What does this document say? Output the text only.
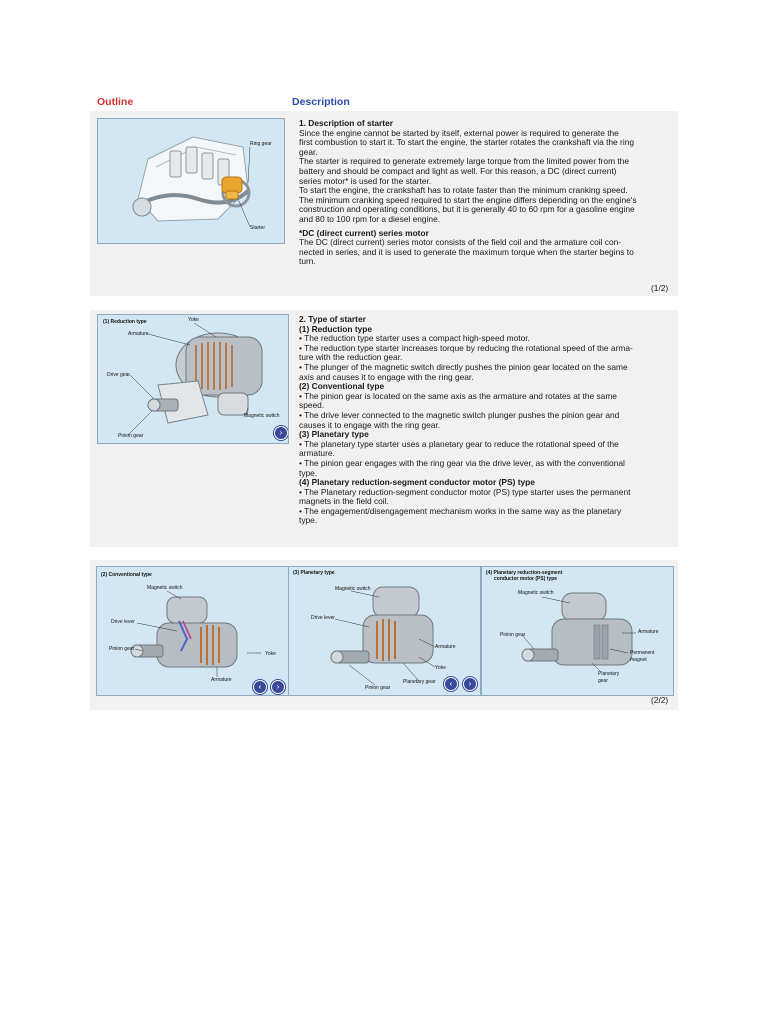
Outline	Description
Ring gear
Starter

1. Description of starter

Since the engine cannot be started by itself, external power is required to generate the

first combustion to start it. To start the engine, the starter rotates the crankshaft via the ring

gear.

The starter is required to generate extremely large torque from the limited power from the

battery and should be compact and light as well. For this reason, a DC (direct current)

series motor* is used for the starter.

To start the engine, the crankshaft has to rotate faster than the minimum cranking speed.

The minimum cranking speed required to start the engine differs depending on the engine's

construction and operating conditions, but it is generally 40 to 60 rpm for a gasoline engine

and 80 to 100 rpm for a diesel engine.

*DC (direct current) series motor

The DC (direct current) series motor consists of the field coil and the armature coil con-

nected in series, and it is used to generate the maximum torque when the starter begins to

turn.

(1/2)
(1) Reduction type	Yoke
Armature
Drive gear
Magnetic switch
Pinion gear	›

2. Type of starter

(1) Reduction type

• The reduction type starter uses a compact high-speed motor.

• The reduction type starter increases torque by reducing the rotational speed of the arma-

ture with the reduction gear.

• The plunger of the magnetic switch directly pushes the pinion gear located on the same

axis and causes it to engage with the ring gear.

(2) Conventional type

• The pinion gear is located on the same axis as the armature and rotates at the same

speed.

• The drive lever connected to the magnetic switch plunger pushes the pinion gear and

causes it to engage with the ring gear.

(3) Planetary type

• The planetary type starter uses a planetary gear to reduce the rotational speed of the

armature.

• The pinion gear engages with the ring gear via the drive lever, as with the conventional

type.

(4) Planetary reduction-segment conductor motor (PS) type

• The Planetary reduction-segment conductor motor (PS) type starter uses the permanent

magnets in the field coil.

• The engagement/disengagement mechanism works in the same way as the planetary

type.

(2) Conventional type
Magnetic switch
Drive lever
Pinion gear
Yoke
Armature
‹	›
(3) Planetary type
Magnetic switch
Drive lever
Armature
Yoke
Planetary gear
Pinion gear	‹	›
(4) Planetary reduction-segment
conductor motor (PS) type
Magnetic switch
Pinion gear	Armature
Permanent
magnet
Planetary
gear
(2/2)
